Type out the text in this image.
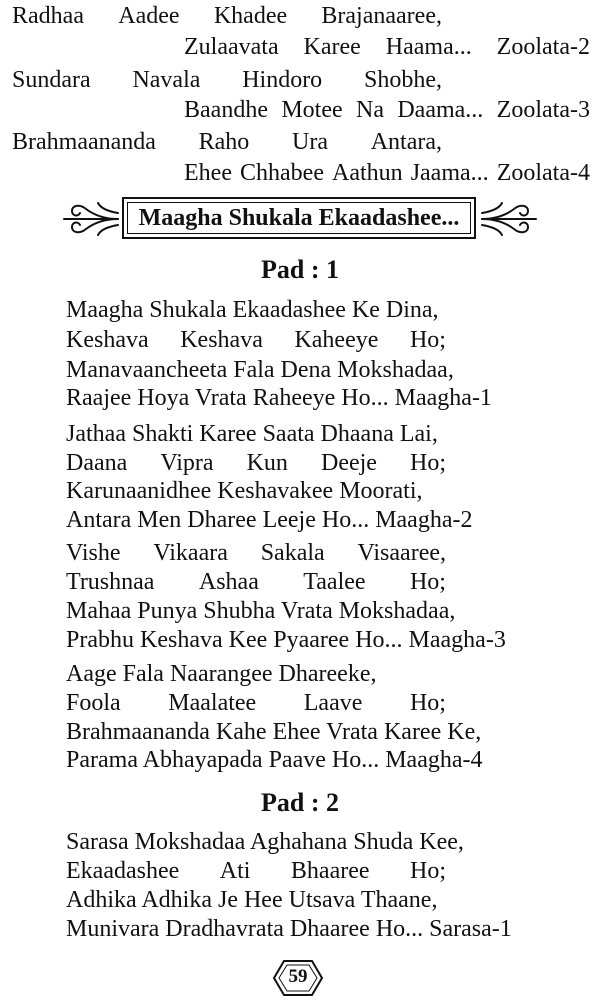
Radhaa Aadee Khadee Brajanaaree,
Zulaavata Karee Haama... Zoolata-2
Sundara Navala Hindoro Shobhe,
Baandhe Motee Na Daama... Zoolata-3
Brahmaananda Raho Ura Antara,
Ehee Chhabee Aathun Jaama... Zoolata-4
Maagha Shukala Ekaadashee...
Pad : 1
Maagha Shukala Ekaadashee Ke Dina,
Keshava Keshava Kaheeye Ho;
Manavaancheeta Fala Dena Mokshadaa,
Raajee Hoya Vrata Raheeye Ho... Maagha-1
Jathaa Shakti Karee Saata Dhaana Lai,
Daana Vipra Kun Deeje Ho;
Karunaanidhee Keshavakee Moorati,
Antara Men Dharee Leeje Ho... Maagha-2
Vishe Vikaara Sakala Visaaree,
Trushnaa Ashaa Taalee Ho;
Mahaa Punya Shubha Vrata Mokshadaa,
Prabhu Keshava Kee Pyaaree Ho... Maagha-3
Aage Fala Naarangee Dhareeke,
Foola Maalatee Laave Ho;
Brahmaananda Kahe Ehee Vrata Karee Ke,
Parama Abhayapada Paave Ho... Maagha-4
Pad : 2
Sarasa Mokshadaa Aghahana Shuda Kee,
Ekaadashee Ati Bhaaree Ho;
Adhika Adhika Je Hee Utsava Thaane,
Munivara Dradhavrata Dhaaree Ho... Sarasa-1
59
